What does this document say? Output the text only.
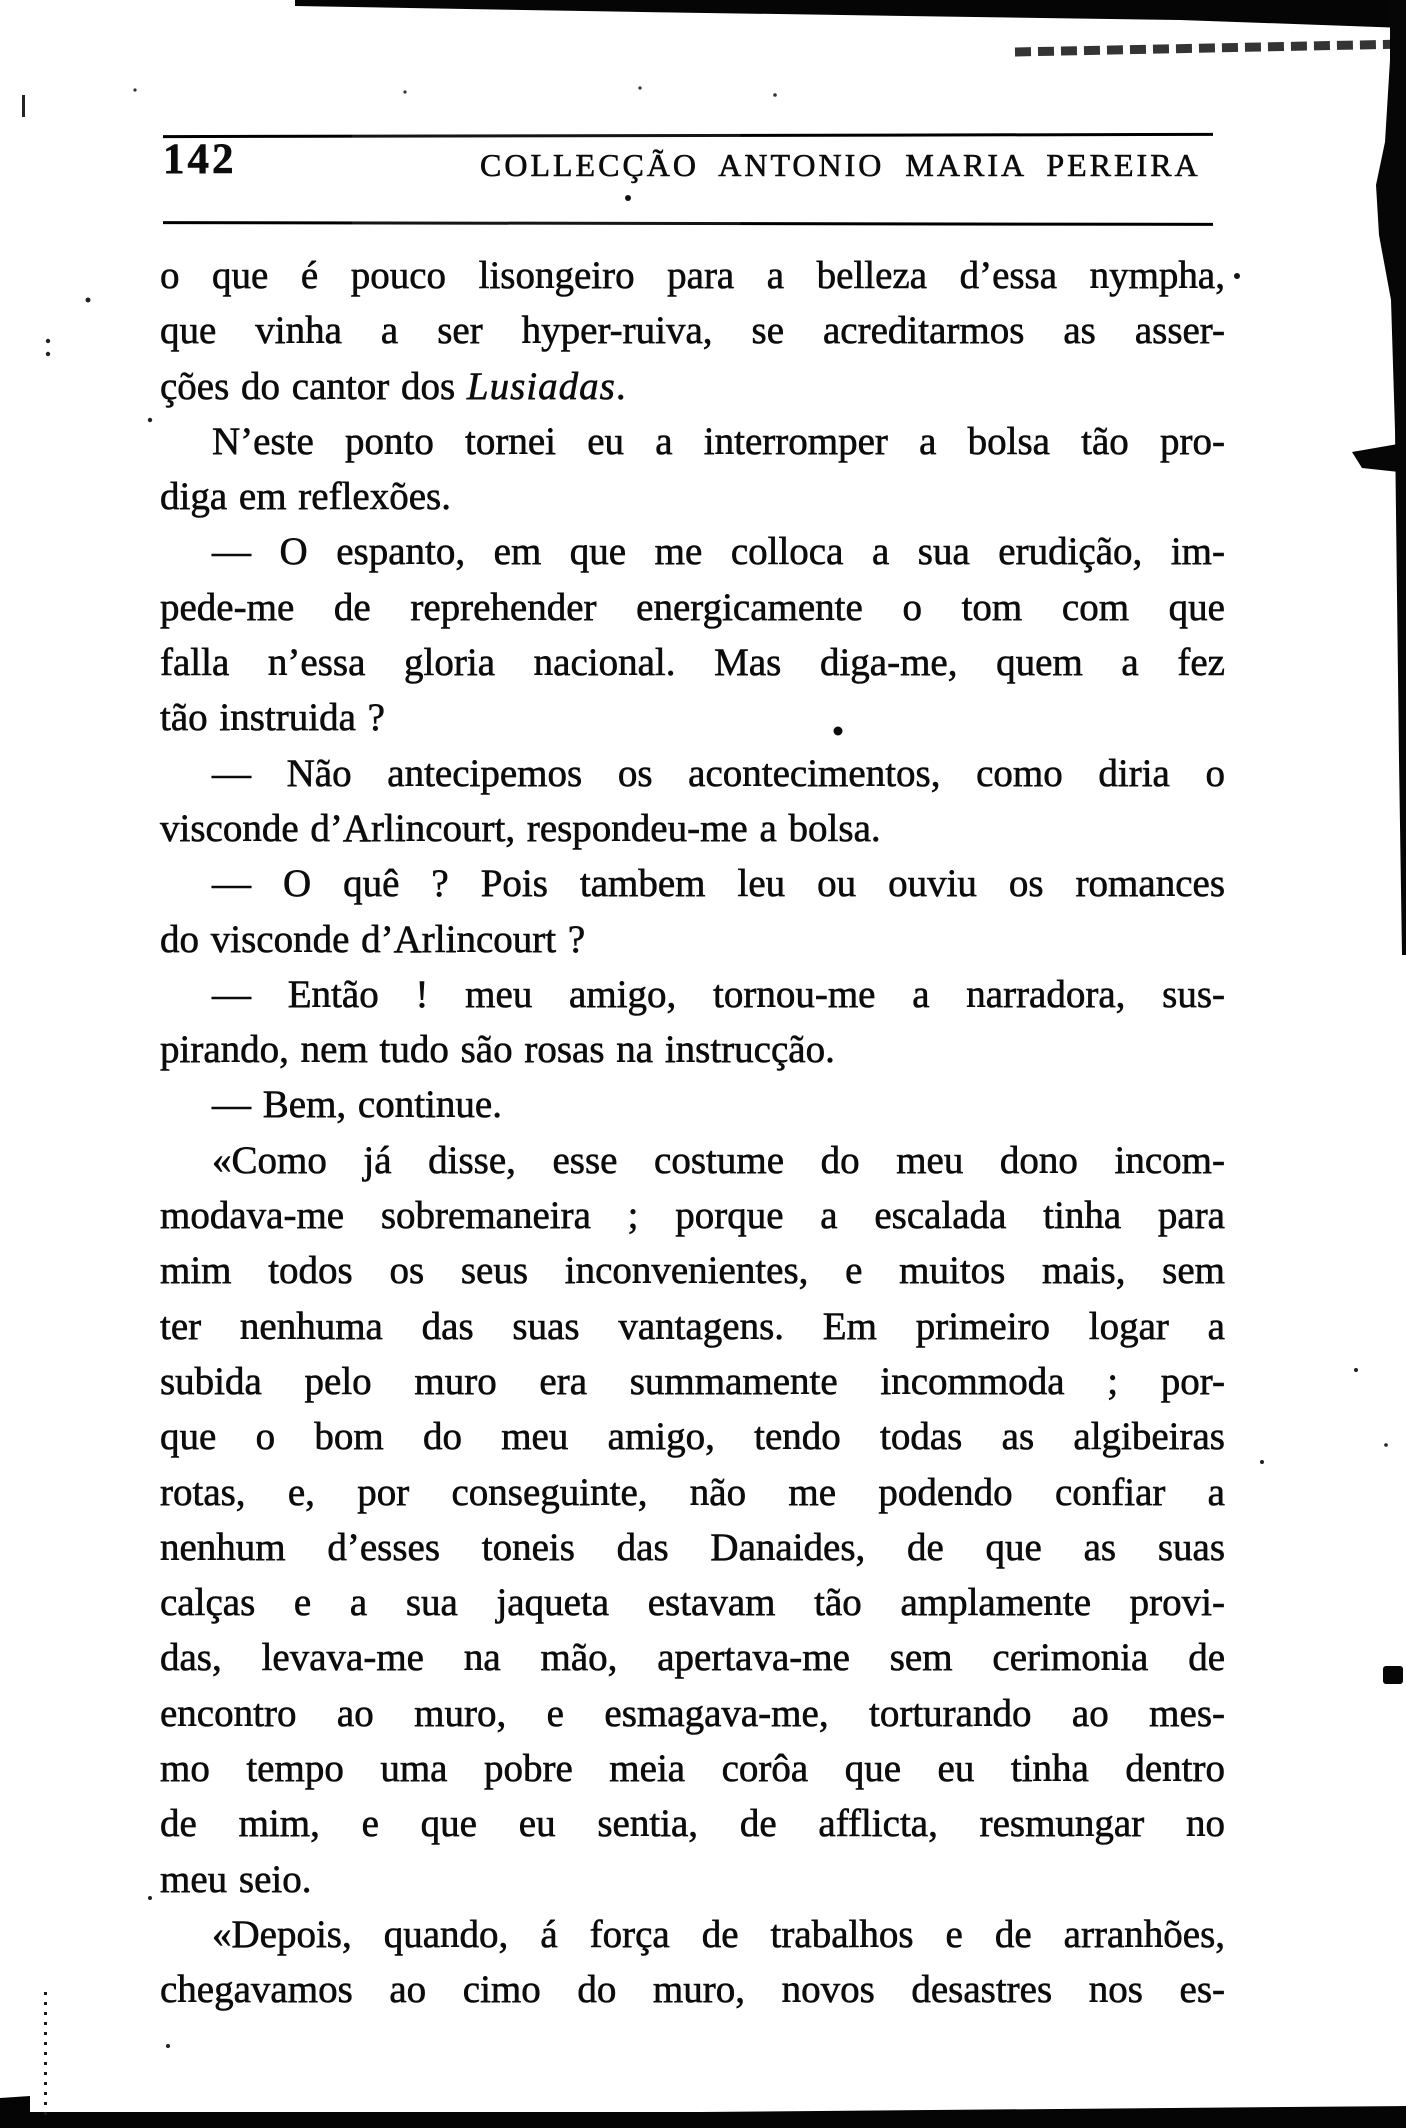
142	COLLECÇÃO ANTONIO MARIA PEREIRA
o que é pouco lisongeiro para a belleza d’essa nympha,
que vinha a ser hyper-ruiva, se acreditarmos as asser-
ções do cantor dos Lusiadas.
N’este ponto tornei eu a interromper a bolsa tão pro-
diga em reflexões.
— O espanto, em que me colloca a sua erudição, im-
pede-me de reprehender energicamente o tom com que
falla n’essa gloria nacional. Mas diga-me, quem a fez
tão instruida ?
— Não antecipemos os acontecimentos, como diria o
visconde d’Arlincourt, respondeu-me a bolsa.
— O quê ? Pois tambem leu ou ouviu os romances
do visconde d’Arlincourt ?
— Então ! meu amigo, tornou-me a narradora, sus-
pirando, nem tudo são rosas na instrucção.
— Bem, continue.
«Como já disse, esse costume do meu dono incom-
modava-me sobremaneira ; porque a escalada tinha para
mim todos os seus inconvenientes, e muitos mais, sem
ter nenhuma das suas vantagens. Em primeiro logar a
subida pelo muro era summamente incommoda ; por-
que o bom do meu amigo, tendo todas as algibeiras
rotas, e, por conseguinte, não me podendo confiar a
nenhum d’esses toneis das Danaides, de que as suas
calças e a sua jaqueta estavam tão amplamente provi-
das, levava-me na mão, apertava-me sem cerimonia de
encontro ao muro, e esmagava-me, torturando ao mes-
mo tempo uma pobre meia corôa que eu tinha dentro
de mim, e que eu sentia, de afflicta, resmungar no
meu seio.
«Depois, quando, á força de trabalhos e de arranhões,
chegavamos ao cimo do muro, novos desastres nos es-
